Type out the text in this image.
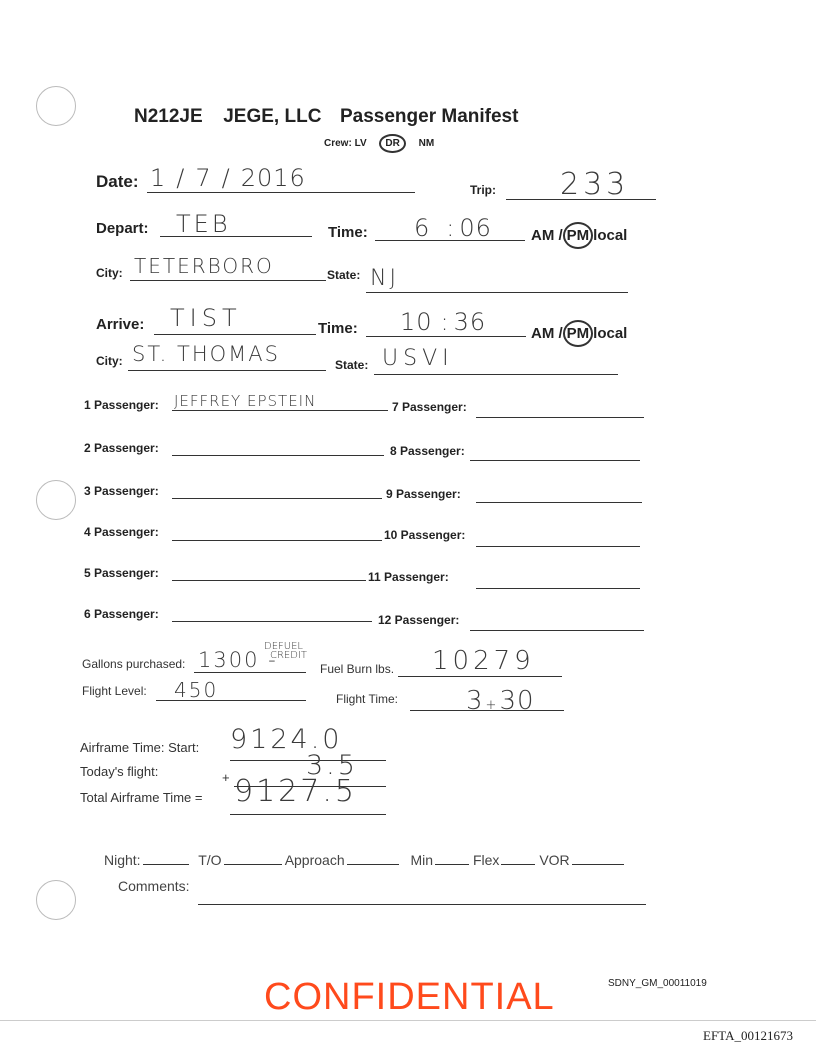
N212JE JEGE, LLC Passenger Manifest
Crew: LV DR NM
Date: 1 / 7 / 2016	Trip: 233
Depart: TEB	Time: 6 : 06	AM / PM local
City: TETERBORO	State: NJ
Arrive: TIST	Time: 10 : 36	AM / PM local
City: ST. THOMAS	State: USVI
1 Passenger: JEFFREY EPSTEIN
2 Passenger:
3 Passenger:
4 Passenger:
5 Passenger:
6 Passenger:
7 Passenger:
8 Passenger:
9 Passenger:
10 Passenger:
11 Passenger:
12 Passenger:
Gallons purchased: 1300 -
DEFUEL
CREDIT
Fuel Burn lbs. 10279
Flight Level: 450	Flight Time:	3 +30
Airframe Time: Start: 9124.0
Today's flight:	+	3.5
Total Airframe Time = 9127.5
Night:	T/O	Approach	Min	Flex	VOR
Comments:
CONFIDENTIAL	SDNY_GM_00011019
EFTA_00121673
